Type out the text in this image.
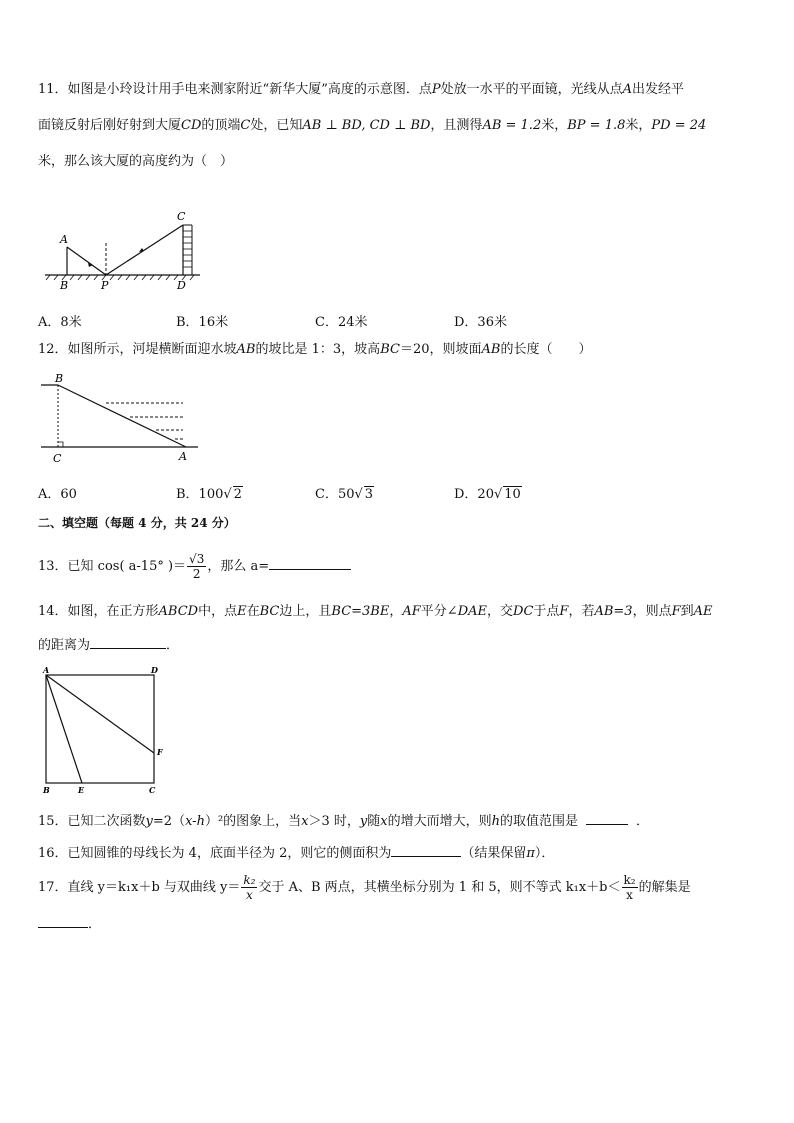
11．如图是小玲设计用手电来测家附近“新华大厦”高度的示意图．点P处放一水平的平面镜，光线从点A出发经平
面镜反射后刚好射到大厦CD的顶端C处，已知AB ⊥ BD, CD ⊥ BD，且测得AB = 1.2米，BP = 1.8米，PD = 24
米，那么该大厦的高度约为（　）
A
B	P
C
D
A．8米	B．16米	C．24米	D．36米
12．如图所示，河堤横断面迎水坡AB的坡比是 1：3，坡高BC＝20，则坡面AB的长度（　　）
B
C	A
A．60	B．100√ 2	C．50√ 3	D．20√ 10
二、填空题（每题 4 分，共 24 分）
13．已知 cos( a-15° )＝ $\frac{√3}{2}$ ，那么 a=
14．如图，在正方形ABCD中，点E在BC边上，且BC=3BE，AF平分∠DAE，交DC于点F，若AB=3，则点F到AE
的距离为	．
A	D
F
B	E	C
15．已知二次函数y=2（x-h）²的图象上，当x＞3 时，y随x的增大而增大，则h的取值范围是	．
16．已知圆锥的母线长为 4，底面半径为 2，则它的侧面积为	（结果保留π）．
17．直线 y＝k₁x＋b 与双曲线 $y= \frac{\text{k₂}}{x}$ 交于 A、B 两点，其横坐标分别为 1 和 5，则不等式 $k_1x+b< \frac{\text{k₂}}{x}$ 的解集是
．
